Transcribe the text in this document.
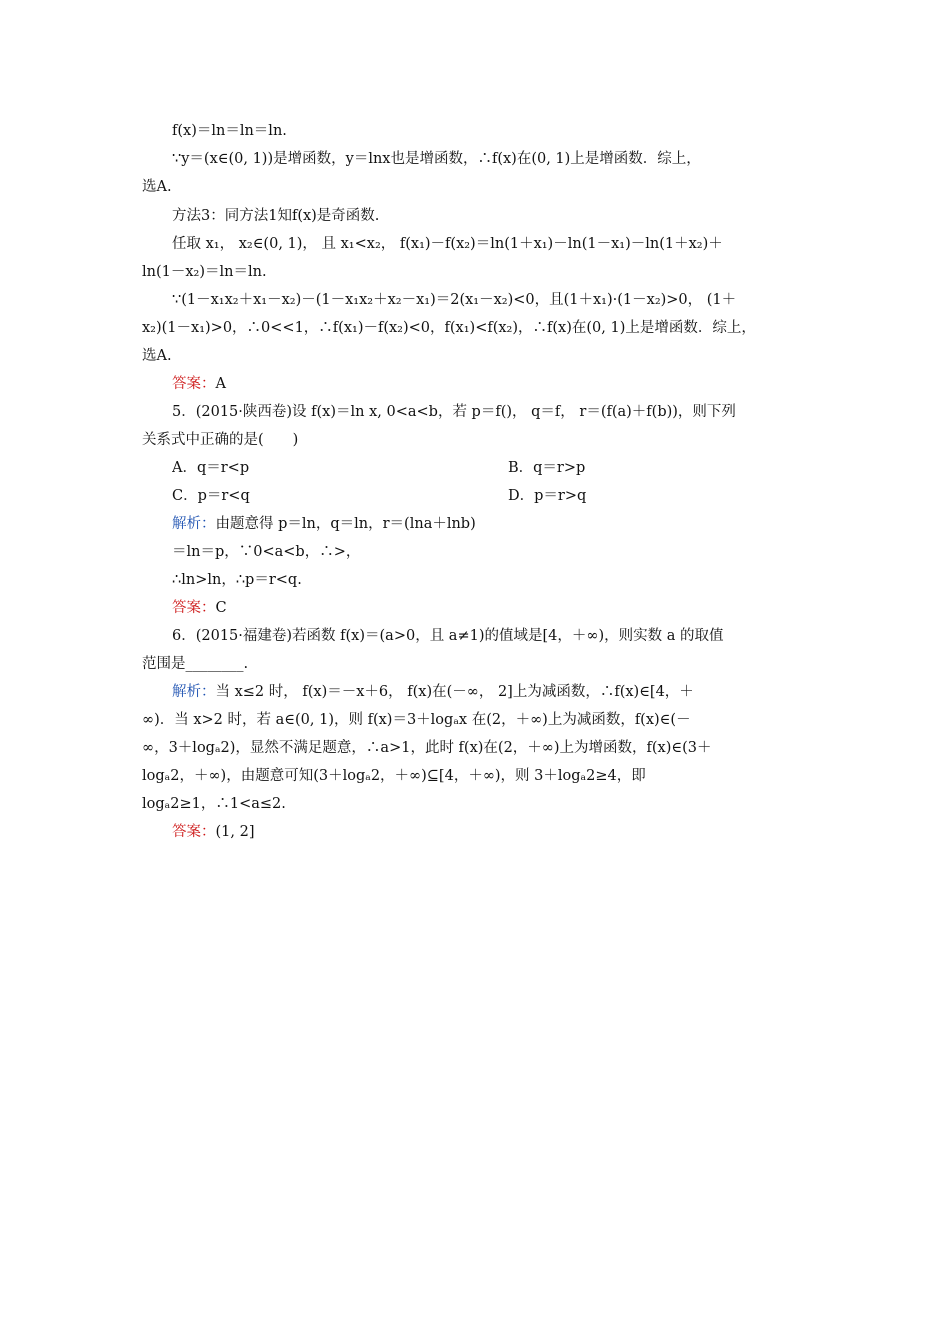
f(x)＝ln＝ln＝ln.
∵y＝(x∈(0, 1))是增函数，y＝lnx也是增函数，∴f(x)在(0, 1)上是增函数．综上，
选A.
方法3：同方法1知f(x)是奇函数.
任取 x₁， x₂∈(0, 1)， 且 x₁<x₂， f(x₁)－f(x₂)＝ln(1＋x₁)－ln(1－x₁)－ln(1＋x₂)＋
ln(1－x₂)＝ln＝ln.
∵(1－x₁x₂＋x₁－x₂)－(1－x₁x₂＋x₂－x₁)＝2(x₁－x₂)<0，且(1＋x₁)·(1－x₂)>0， (1＋
x₂)(1－x₁)>0，∴0<<1，∴f(x₁)－f(x₂)<0，f(x₁)<f(x₂)，∴f(x)在(0, 1)上是增函数．综上，
选A.
答案：A
5．(2015·陕西卷)设 f(x)＝ln x, 0<a<b，若 p＝f()， q＝f， r＝(f(a)＋f(b))，则下列
关系式中正确的是(　　)
A．q＝r<p	B．q＝r>p
C．p＝r<q	D．p＝r>q
解析：由题意得 p＝ln，q＝ln，r＝(lna＋lnb)
＝ln＝p，∵0<a<b，∴>，
∴ln>ln，∴p＝r<q.
答案：C
6．(2015·福建卷)若函数 f(x)＝(a>0，且 a≠1)的值域是[4，＋∞)，则实数 a 的取值
范围是________.
解析：当 x≤2 时， f(x)＝－x＋6， f(x)在(－∞， 2]上为减函数，∴f(x)∈[4，＋
∞)．当 x>2 时，若 a∈(0, 1)，则 f(x)＝3＋logₐx 在(2，＋∞)上为减函数，f(x)∈(－
∞，3＋logₐ2)，显然不满足题意，∴a>1，此时 f(x)在(2，＋∞)上为增函数，f(x)∈(3＋
logₐ2，＋∞)，由题意可知(3＋logₐ2，＋∞)⊆[4，＋∞)，则 3＋logₐ2≥4，即
logₐ2≥1，∴1<a≤2.
答案：(1, 2]
